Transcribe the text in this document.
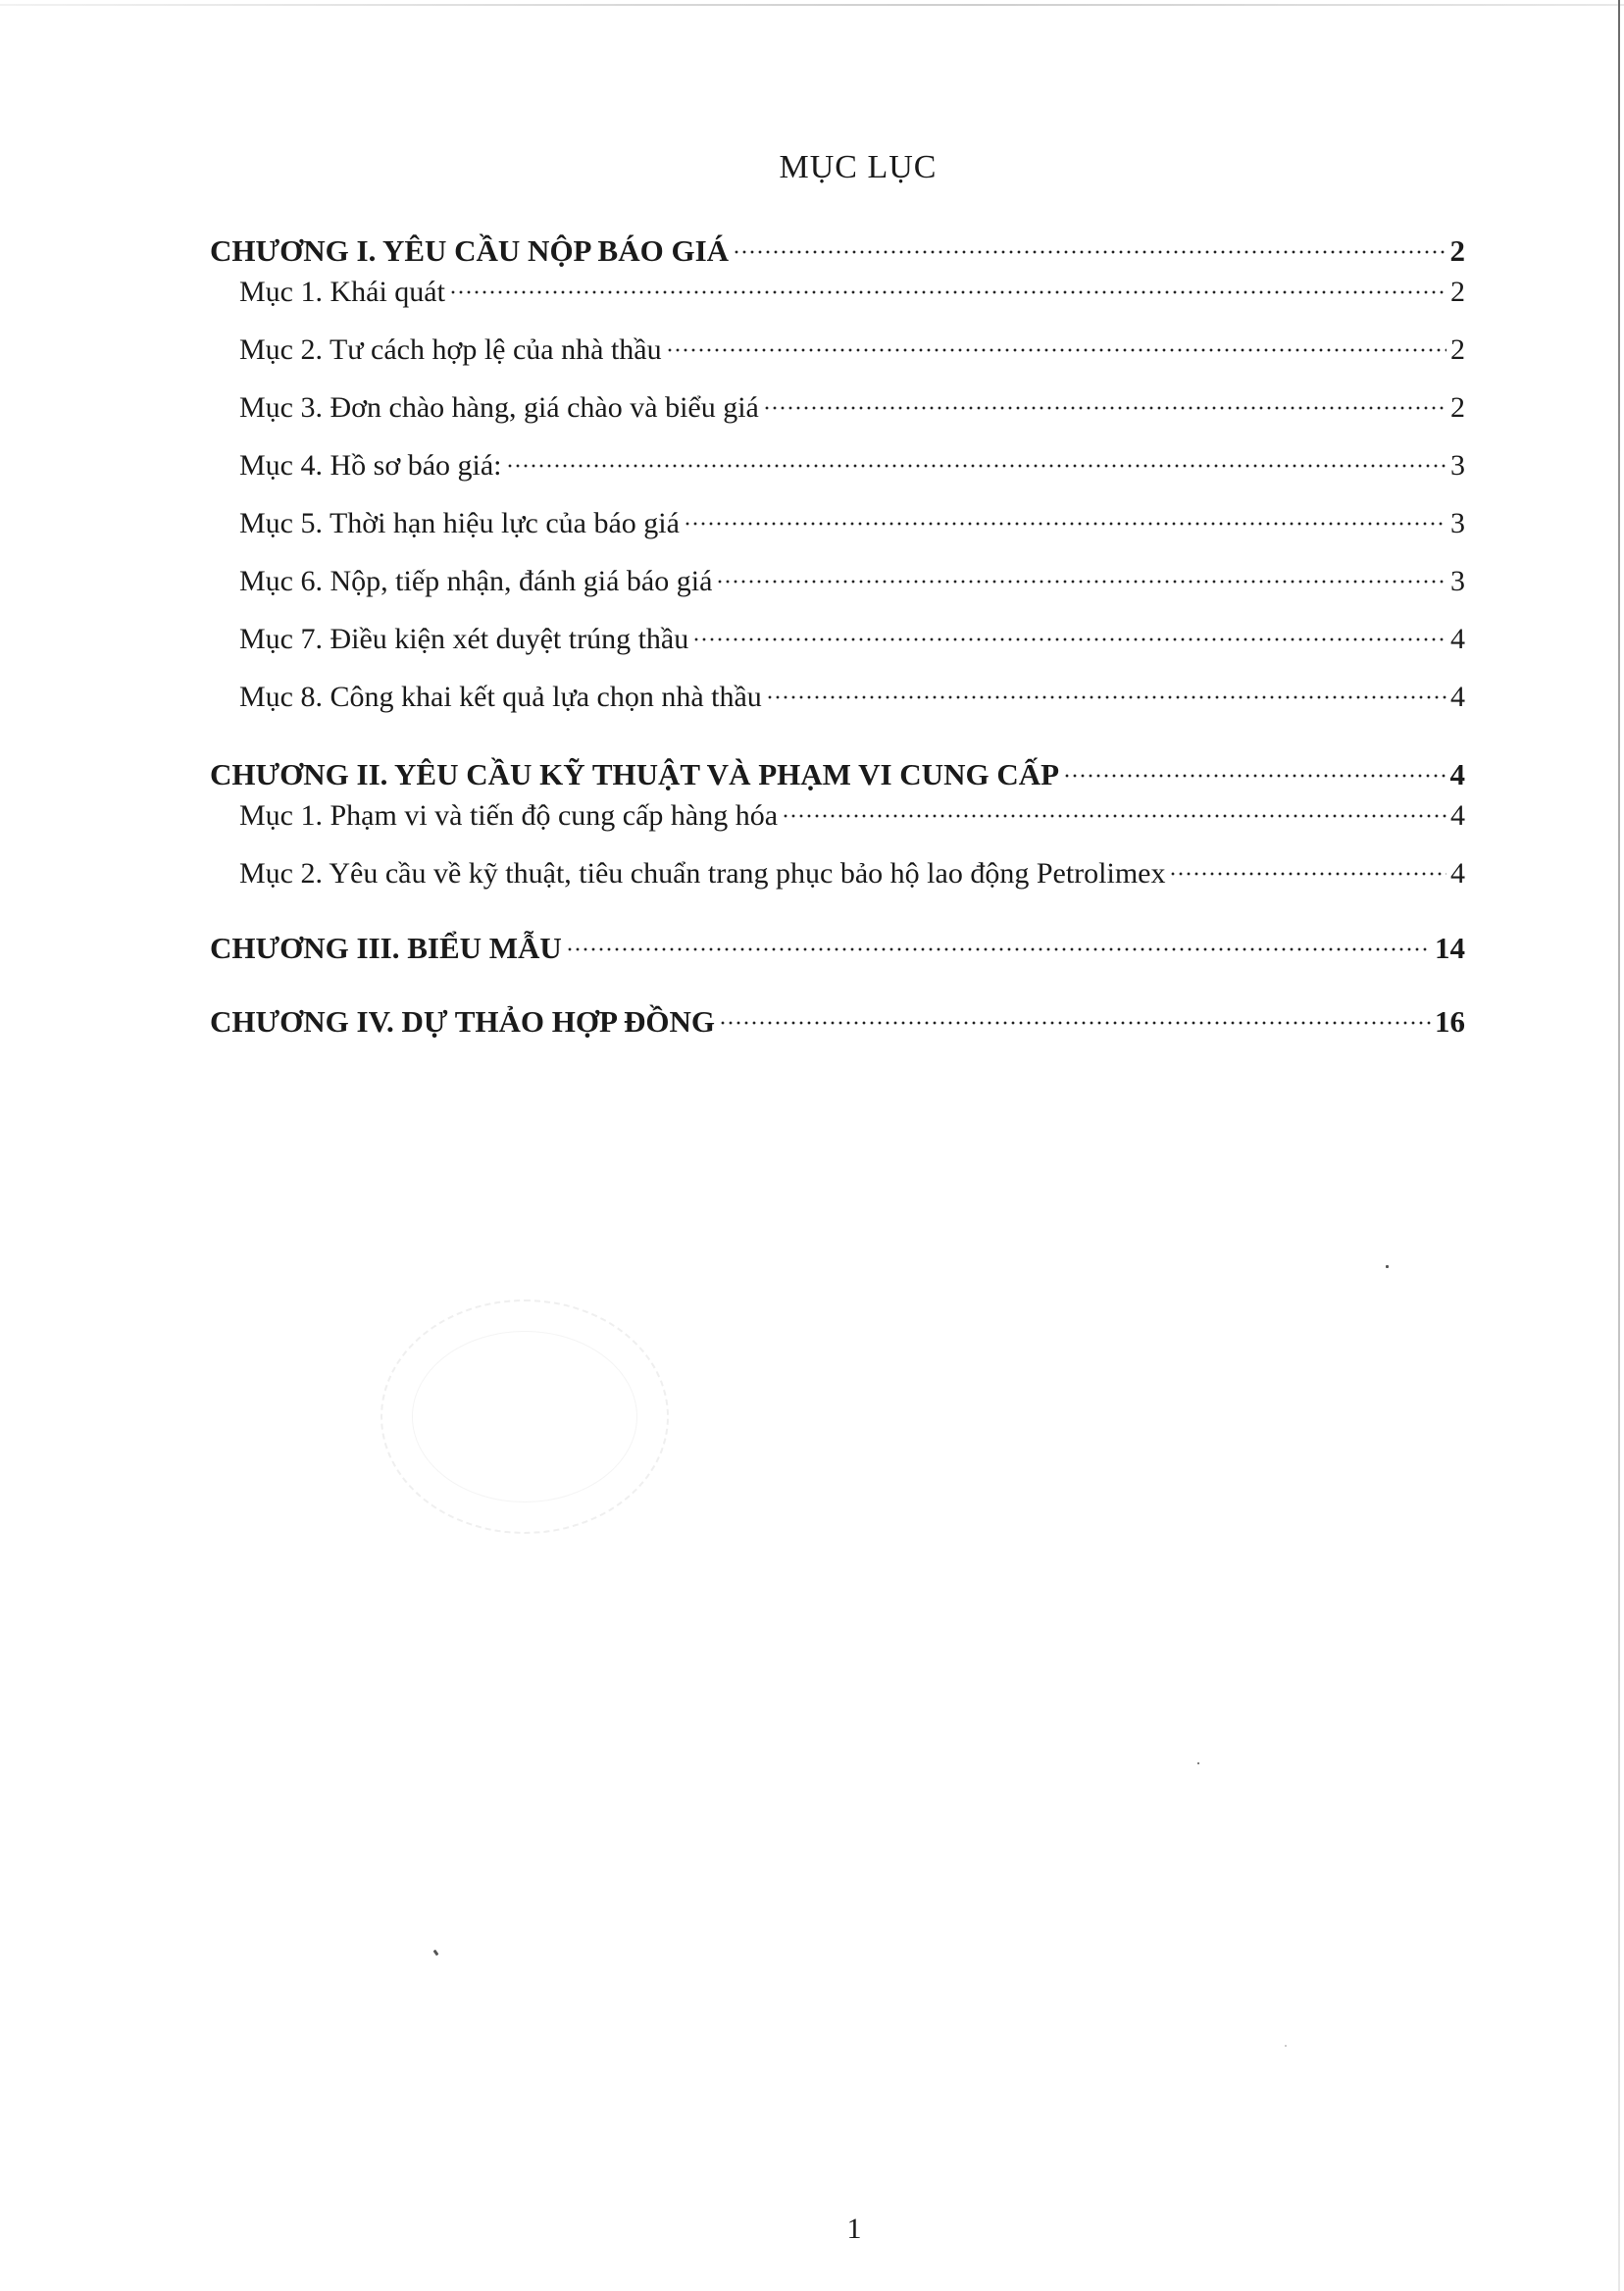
MỤC LỤC
CHƯƠNG I. YÊU CẦU NỘP BÁO GIÁ	2
Mục 1. Khái quát	2
Mục 2. Tư cách hợp lệ của nhà thầu	2
Mục 3. Đơn chào hàng, giá chào và biểu giá	2
Mục 4. Hồ sơ báo giá:	3
Mục 5. Thời hạn hiệu lực của báo giá	3
Mục 6. Nộp, tiếp nhận, đánh giá báo giá	3
Mục 7. Điều kiện xét duyệt trúng thầu	4
Mục 8. Công khai kết quả lựa chọn nhà thầu	4
CHƯƠNG II. YÊU CẦU KỸ THUẬT VÀ PHẠM VI CUNG CẤP	4
Mục 1. Phạm vi và tiến độ cung cấp hàng hóa	4
Mục 2. Yêu cầu về kỹ thuật, tiêu chuẩn trang phục bảo hộ lao động Petrolimex	4
CHƯƠNG III. BIỂU MẪU	14
CHƯƠNG IV. DỰ THẢO HỢP ĐỒNG	16
1
